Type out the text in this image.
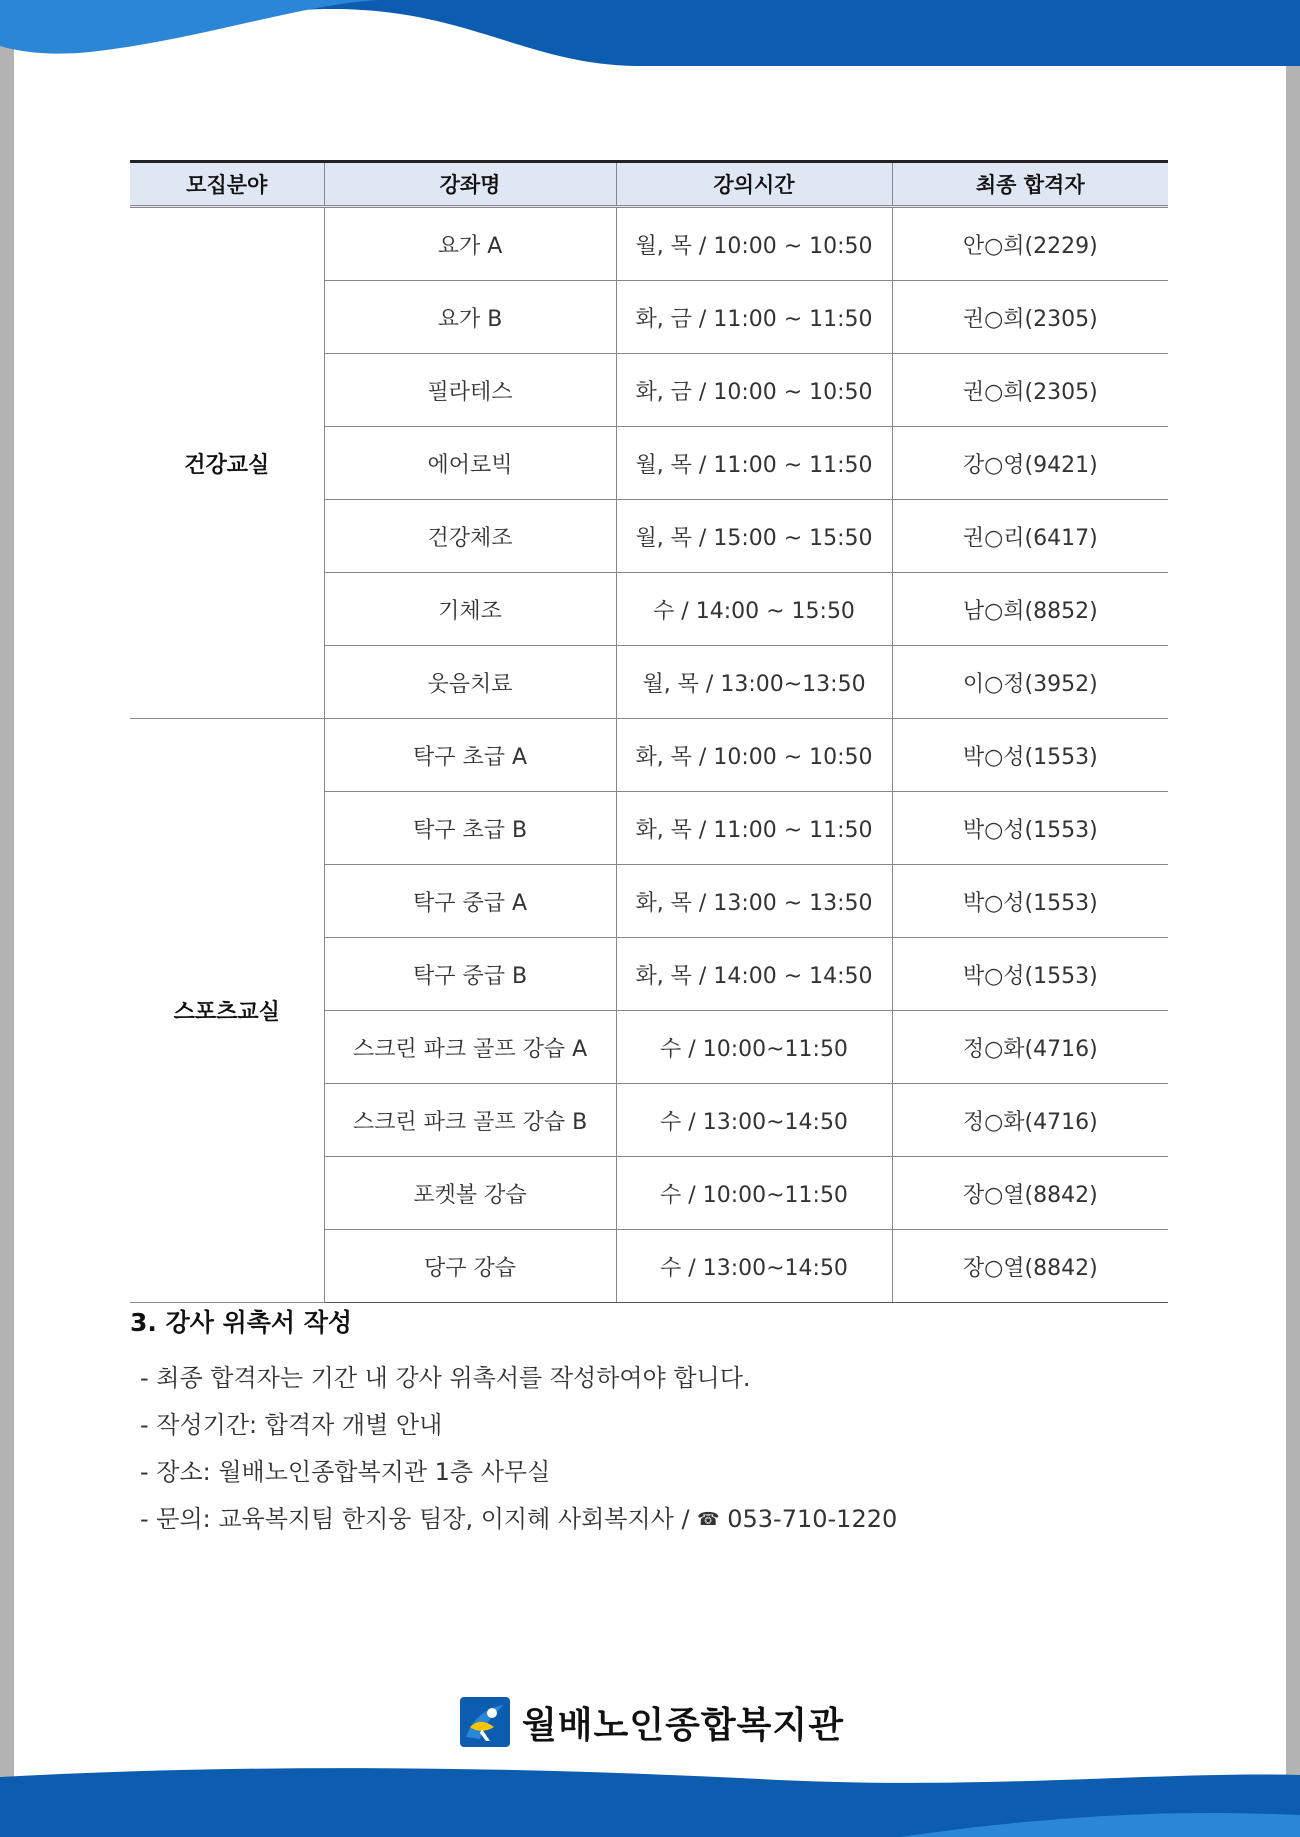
모집분야	강좌명	강의시간	최종 합격자
건강교실	요가 A	월, 목 / 10:00 ~ 10:50	안○희(2229)
	요가 B	화, 금 / 11:00 ~ 11:50	권○희(2305)
	필라테스	화, 금 / 10:00 ~ 10:50	권○희(2305)
	에어로빅	월, 목 / 11:00 ~ 11:50	강○영(9421)
	건강체조	월, 목 / 15:00 ~ 15:50	권○리(6417)
	기체조	수 / 14:00 ~ 15:50	남○희(8852)
	웃음치료	월, 목 / 13:00~13:50	이○정(3952)
스포츠교실	탁구 초급 A	화, 목 / 10:00 ~ 10:50	박○성(1553)
	탁구 초급 B	화, 목 / 11:00 ~ 11:50	박○성(1553)
	탁구 중급 A	화, 목 / 13:00 ~ 13:50	박○성(1553)
	탁구 중급 B	화, 목 / 14:00 ~ 14:50	박○성(1553)
	스크린 파크 골프 강습 A	수 / 10:00~11:50	정○화(4716)
	스크린 파크 골프 강습 B	수 / 13:00~14:50	정○화(4716)
	포켓볼 강습	수 / 10:00~11:50	장○열(8842)
	당구 강습	수 / 13:00~14:50	장○열(8842)
3. 강사 위촉서 작성
- 최종 합격자는 기간 내 강사 위촉서를 작성하여야 합니다.
- 작성기간: 합격자 개별 안내
- 장소: 월배노인종합복지관 1층 사무실
- 문의: 교육복지팀 한지웅 팀장, 이지혜 사회복지사 / ☎ 053-710-1220
월배노인종합복지관
